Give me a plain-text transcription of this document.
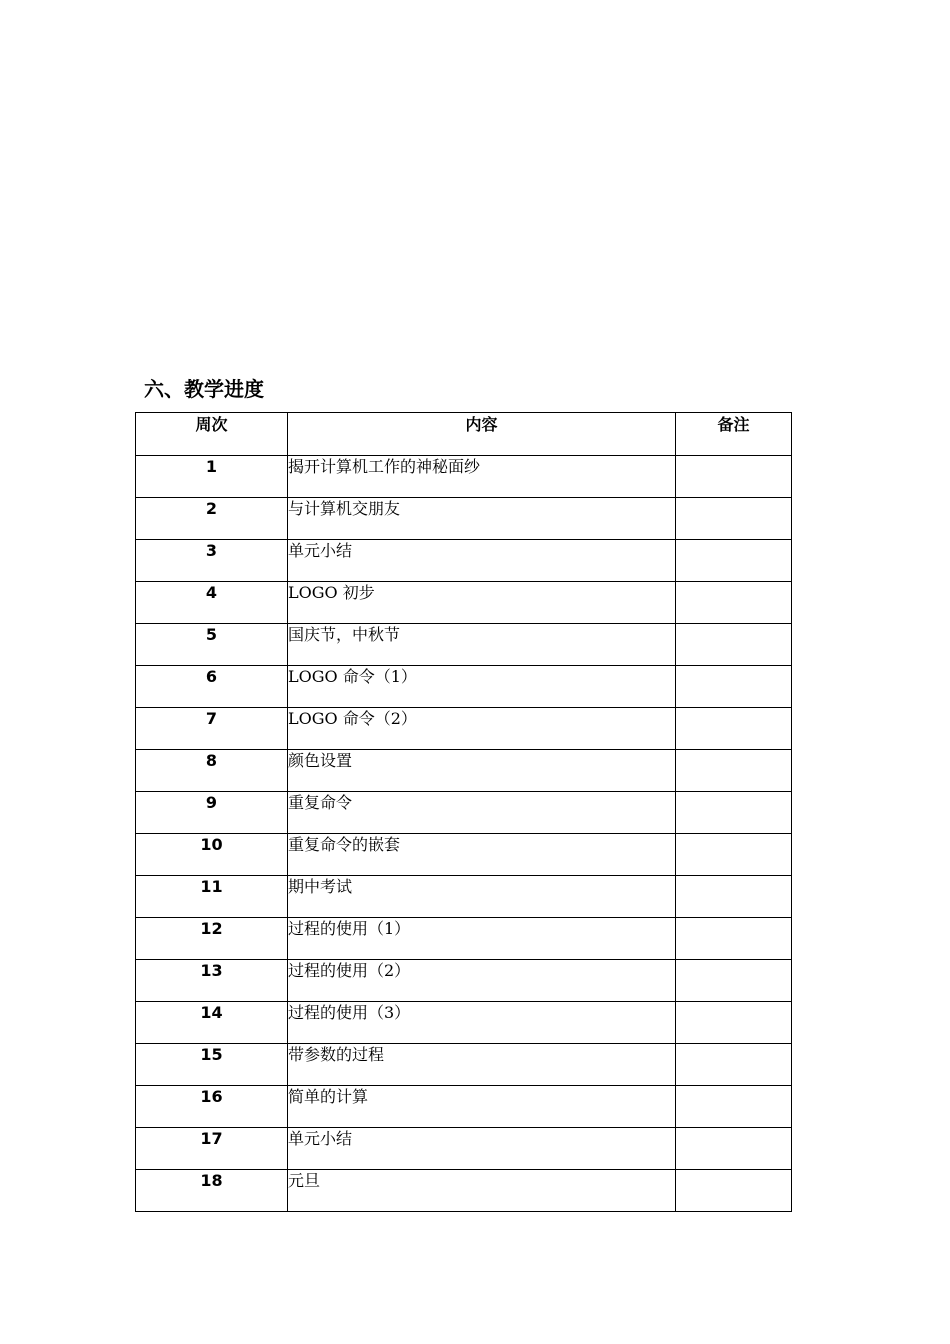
六、教学进度
周次	内容	备注
1	揭开计算机工作的神秘面纱	
2	与计算机交朋友	
3	单元小结	
4	LOGO 初步	
5	国庆节，中秋节	
6	LOGO 命令（1）	
7	LOGO 命令（2）	
8	颜色设置	
9	重复命令	
10	重复命令的嵌套	
11	期中考试	
12	过程的使用（1）	
13	过程的使用（2）	
14	过程的使用（3）	
15	带参数的过程	
16	简单的计算	
17	单元小结	
18	元旦	
